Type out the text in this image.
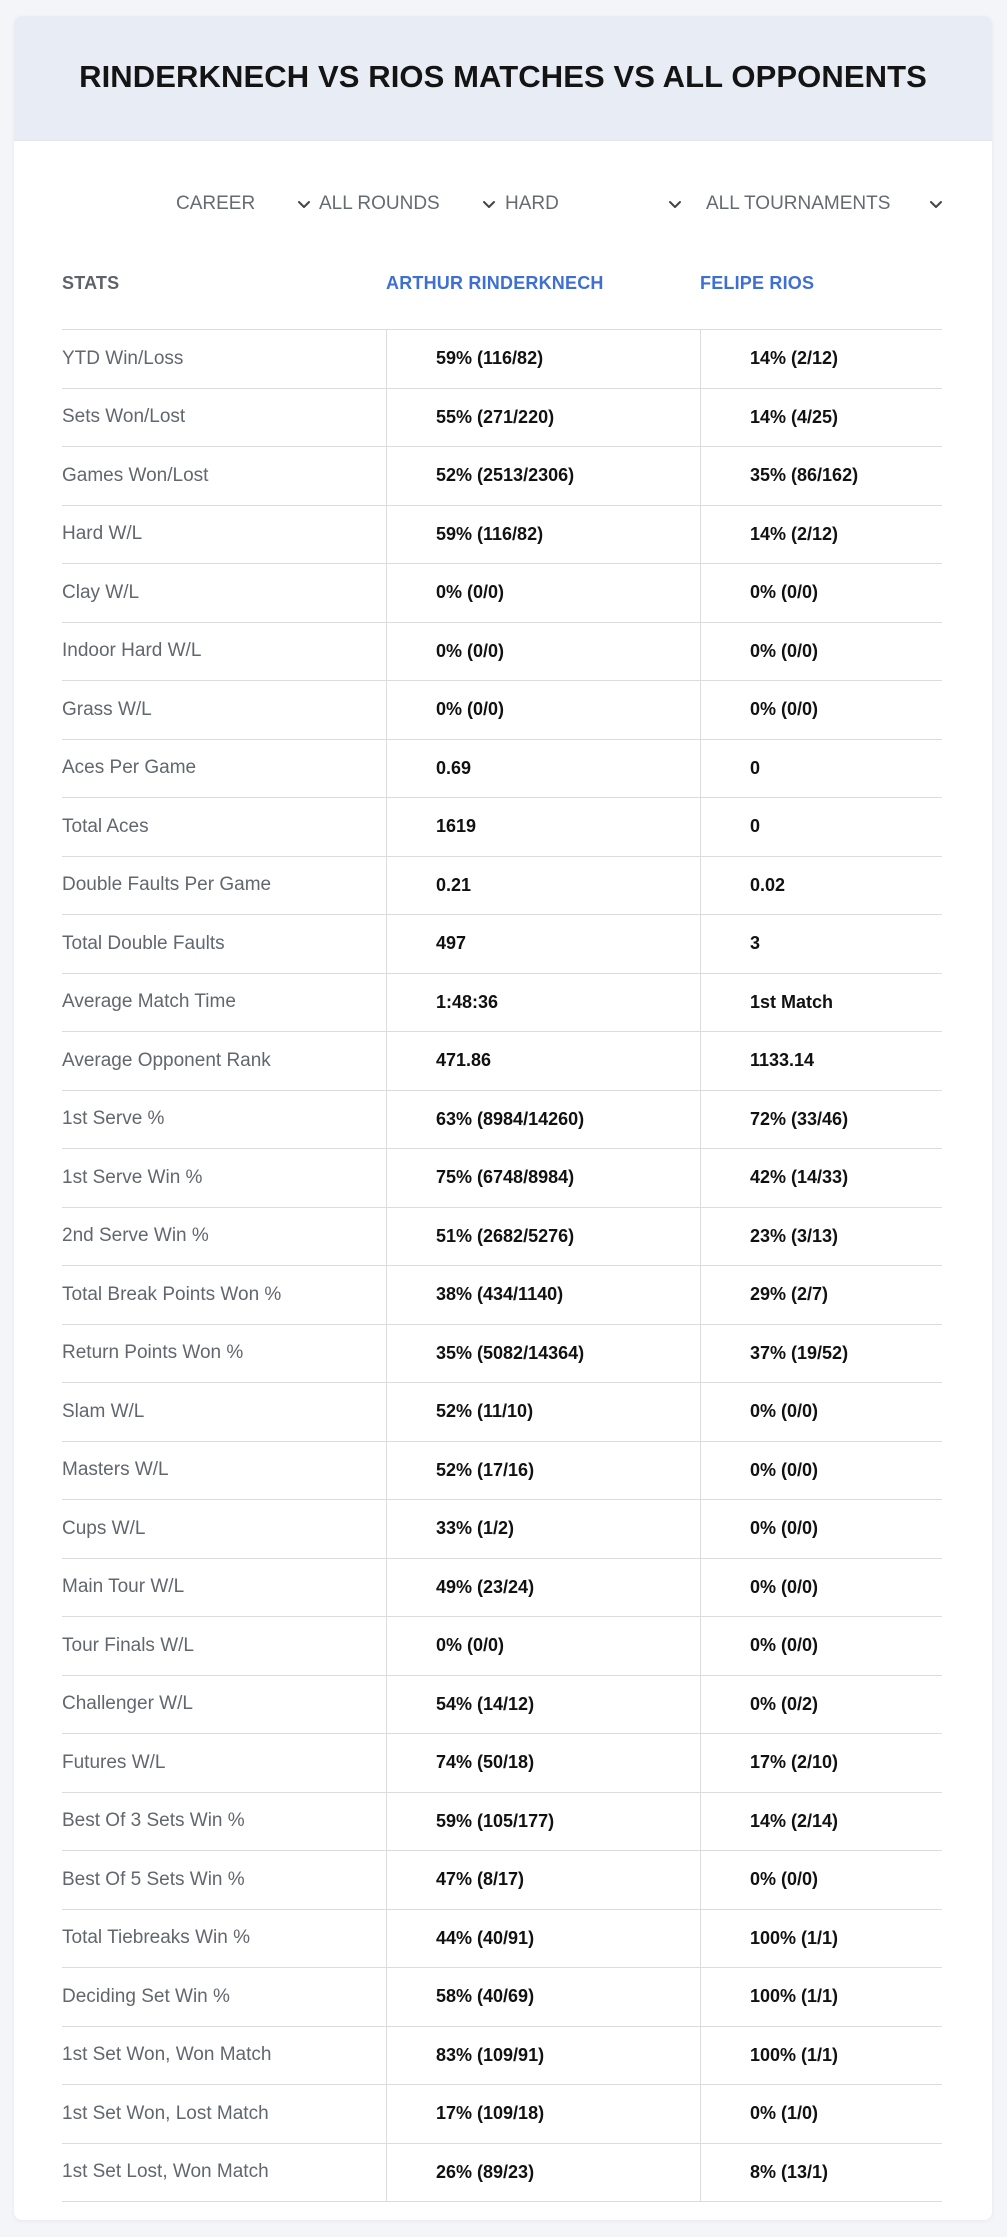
RINDERKNECH VS RIOS MATCHES VS ALL OPPONENTS
CAREER	ALL ROUNDS	HARD	ALL TOURNAMENTS
STATS	ARTHUR RINDERKNECH	FELIPE RIOS
YTD Win/Loss	59% (116/82)	14% (2/12)
Sets Won/Lost	55% (271/220)	14% (4/25)
Games Won/Lost	52% (2513/2306)	35% (86/162)
Hard W/L	59% (116/82)	14% (2/12)
Clay W/L	0% (0/0)	0% (0/0)
Indoor Hard W/L	0% (0/0)	0% (0/0)
Grass W/L	0% (0/0)	0% (0/0)
Aces Per Game	0.69	0
Total Aces	1619	0
Double Faults Per Game	0.21	0.02
Total Double Faults	497	3
Average Match Time	1:48:36	1st Match
Average Opponent Rank	471.86	1133.14
1st Serve %	63% (8984/14260)	72% (33/46)
1st Serve Win %	75% (6748/8984)	42% (14/33)
2nd Serve Win %	51% (2682/5276)	23% (3/13)
Total Break Points Won %	38% (434/1140)	29% (2/7)
Return Points Won %	35% (5082/14364)	37% (19/52)
Slam W/L	52% (11/10)	0% (0/0)
Masters W/L	52% (17/16)	0% (0/0)
Cups W/L	33% (1/2)	0% (0/0)
Main Tour W/L	49% (23/24)	0% (0/0)
Tour Finals W/L	0% (0/0)	0% (0/0)
Challenger W/L	54% (14/12)	0% (0/2)
Futures W/L	74% (50/18)	17% (2/10)
Best Of 3 Sets Win %	59% (105/177)	14% (2/14)
Best Of 5 Sets Win %	47% (8/17)	0% (0/0)
Total Tiebreaks Win %	44% (40/91)	100% (1/1)
Deciding Set Win %	58% (40/69)	100% (1/1)
1st Set Won, Won Match	83% (109/91)	100% (1/1)
1st Set Won, Lost Match	17% (109/18)	0% (1/0)
1st Set Lost, Won Match	26% (89/23)	8% (13/1)
